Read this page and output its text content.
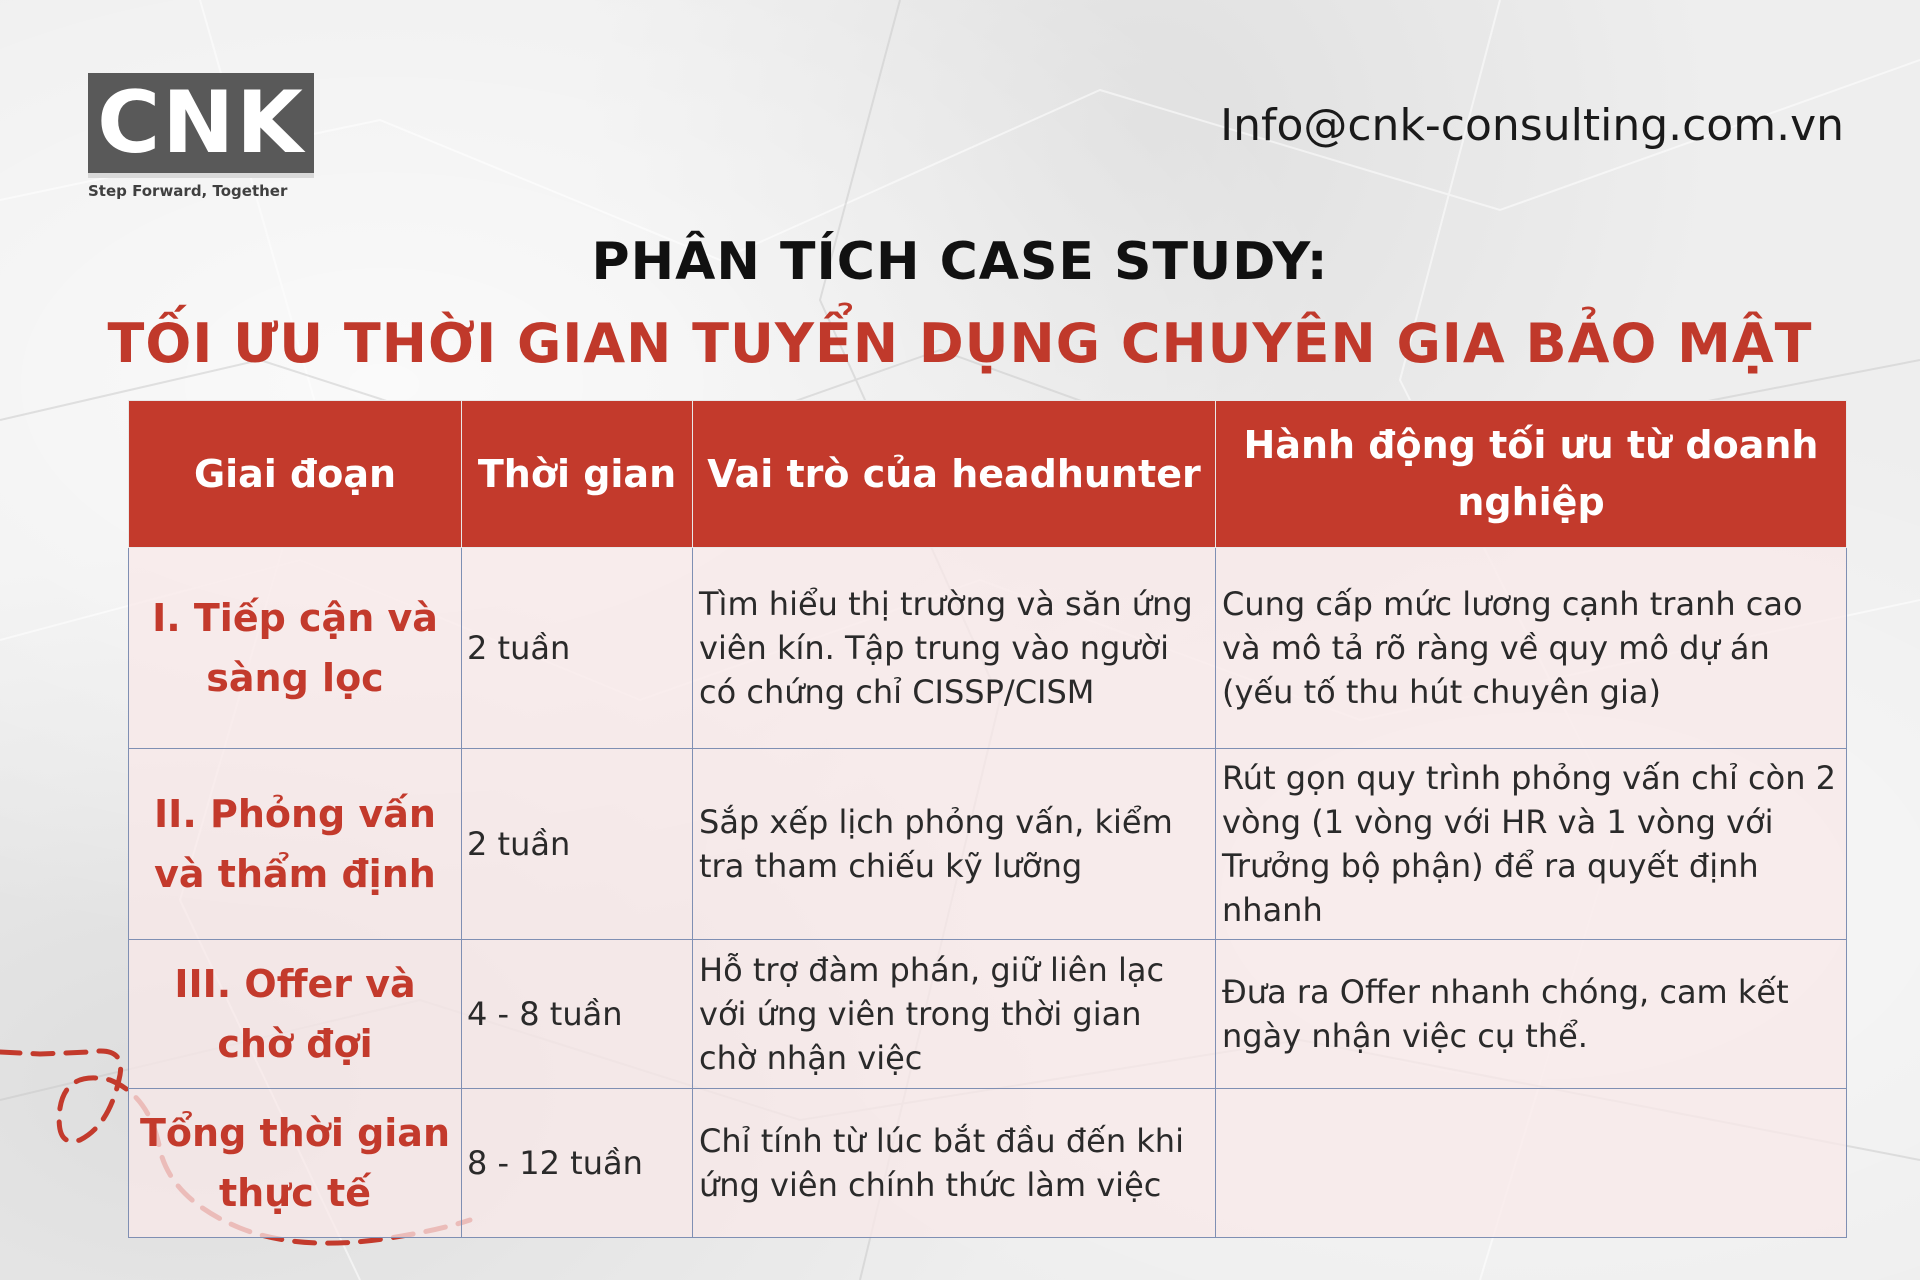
CNK
Step Forward, Together
Info@cnk-consulting.com.vn
PHÂN TÍCH CASE STUDY:
TỐI ƯU THỜI GIAN TUYỂN DỤNG CHUYÊN GIA BẢO MẬT
Giai đoạn	Thời gian	Vai trò của headhunter	Hành động tối ưu từ doanh nghiệp
I. Tiếp cận và sàng lọc	2 tuần	Tìm hiểu thị trường và săn ứng viên kín. Tập trung vào người có chứng chỉ CISSP/CISM	Cung cấp mức lương cạnh tranh cao và mô tả rõ ràng về quy mô dự án (yếu tố thu hút chuyên gia)
II. Phỏng vấn và thẩm định	2 tuần	Sắp xếp lịch phỏng vấn, kiểm tra tham chiếu kỹ lưỡng	Rút gọn quy trình phỏng vấn chỉ còn 2 vòng (1 vòng với HR và 1 vòng với Trưởng bộ phận) để ra quyết định nhanh
III. Offer và chờ đợi	4 - 8 tuần	Hỗ trợ đàm phán, giữ liên lạc với ứng viên trong thời gian chờ nhận việc	Đưa ra Offer nhanh chóng, cam kết ngày nhận việc cụ thể.
Tổng thời gian thực tế	8 - 12 tuần	Chỉ tính từ lúc bắt đầu đến khi ứng viên chính thức làm việc	
